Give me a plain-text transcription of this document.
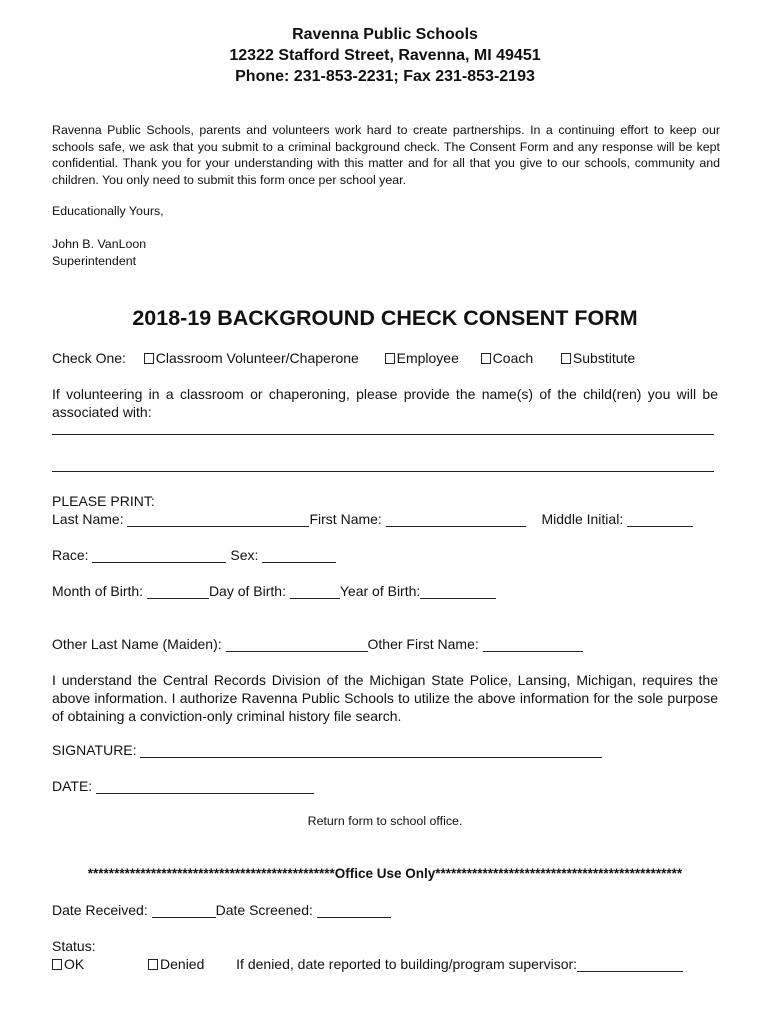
Ravenna Public Schools
12322 Stafford Street, Ravenna, MI 49451
Phone: 231-853-2231; Fax 231-853-2193
Ravenna Public Schools, parents and volunteers work hard to create partnerships. In a continuing effort to keep our schools safe, we ask that you submit to a criminal background check. The Consent Form and any response will be kept confidential. Thank you for your understanding with this matter and for all that you give to our schools, community and children. You only need to submit this form once per school year.
Educationally Yours,
John B. VanLoon
Superintendent
2018-19 BACKGROUND CHECK CONSENT FORM
Check One: Classroom Volunteer/Chaperone	Employee Coach	Substitute
If volunteering in a classroom or chaperoning, please provide the name(s) of the child(ren) you will be associated with:
PLEASE PRINT:
Last Name:	First Name:	Middle Initial:
Race:	Sex:
Month of Birth:	Day of Birth:	Year of Birth:
Other Last Name (Maiden):	Other First Name:
I understand the Central Records Division of the Michigan State Police, Lansing, Michigan, requires the above information. I authorize Ravenna Public Schools to utilize the above information for the sole purpose of obtaining a conviction-only criminal history file search.
SIGNATURE:
DATE:
Return form to school office.
***********************************************Office Use Only***********************************************
Date Received:	Date Screened:
Status:
OK	Denied If denied, date reported to building/program supervisor:
